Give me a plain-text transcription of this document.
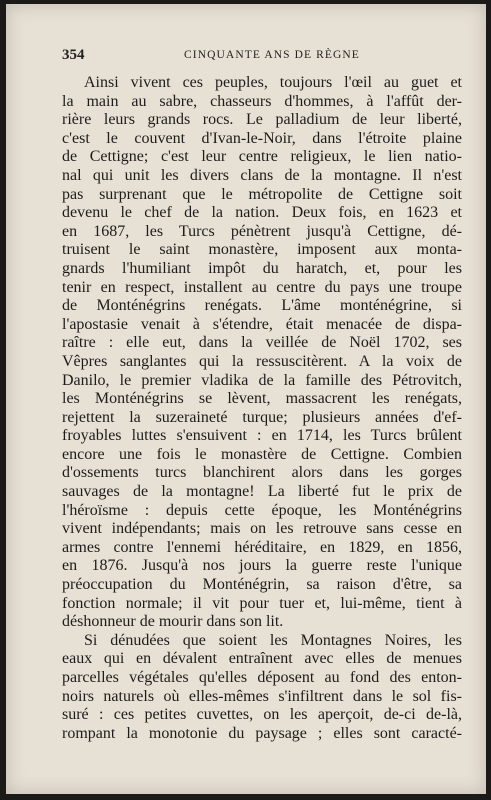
354	CINQUANTE ANS DE RÈGNE
Ainsi vivent ces peuples, toujours l'œil au guet et
la main au sabre, chasseurs d'hommes, à l'affût der-
rière leurs grands rocs. Le palladium de leur liberté,
c'est le couvent d'Ivan-le-Noir, dans l'étroite plaine
de Cettigne; c'est leur centre religieux, le lien natio-
nal qui unit les divers clans de la montagne. Il n'est
pas surprenant que le métropolite de Cettigne soit
devenu le chef de la nation. Deux fois, en 1623 et
en 1687, les Turcs pénètrent jusqu'à Cettigne, dé-
truisent le saint monastère, imposent aux monta-
gnards l'humiliant impôt du haratch, et, pour les
tenir en respect, installent au centre du pays une troupe
de Monténégrins renégats. L'âme monténégrine, si
l'apostasie venait à s'étendre, était menacée de dispa-
raître : elle eut, dans la veillée de Noël 1702, ses
Vêpres sanglantes qui la ressuscitèrent. A la voix de
Danilo, le premier vladika de la famille des Pétrovitch,
les Monténégrins se lèvent, massacrent les renégats,
rejettent la suzeraineté turque; plusieurs années d'ef-
froyables luttes s'ensuivent : en 1714, les Turcs brûlent
encore une fois le monastère de Cettigne. Combien
d'ossements turcs blanchirent alors dans les gorges
sauvages de la montagne! La liberté fut le prix de
l'héroïsme : depuis cette époque, les Monténégrins
vivent indépendants; mais on les retrouve sans cesse en
armes contre l'ennemi héréditaire, en 1829, en 1856,
en 1876. Jusqu'à nos jours la guerre reste l'unique
préoccupation du Monténégrin, sa raison d'être, sa
fonction normale; il vit pour tuer et, lui-même, tient à
déshonneur de mourir dans son lit.
Si dénudées que soient les Montagnes Noires, les
eaux qui en dévalent entraînent avec elles de menues
parcelles végétales qu'elles déposent au fond des enton-
noirs naturels où elles-mêmes s'infiltrent dans le sol fis-
suré : ces petites cuvettes, on les aperçoit, de-ci de-là,
rompant la monotonie du paysage ; elles sont caracté-
